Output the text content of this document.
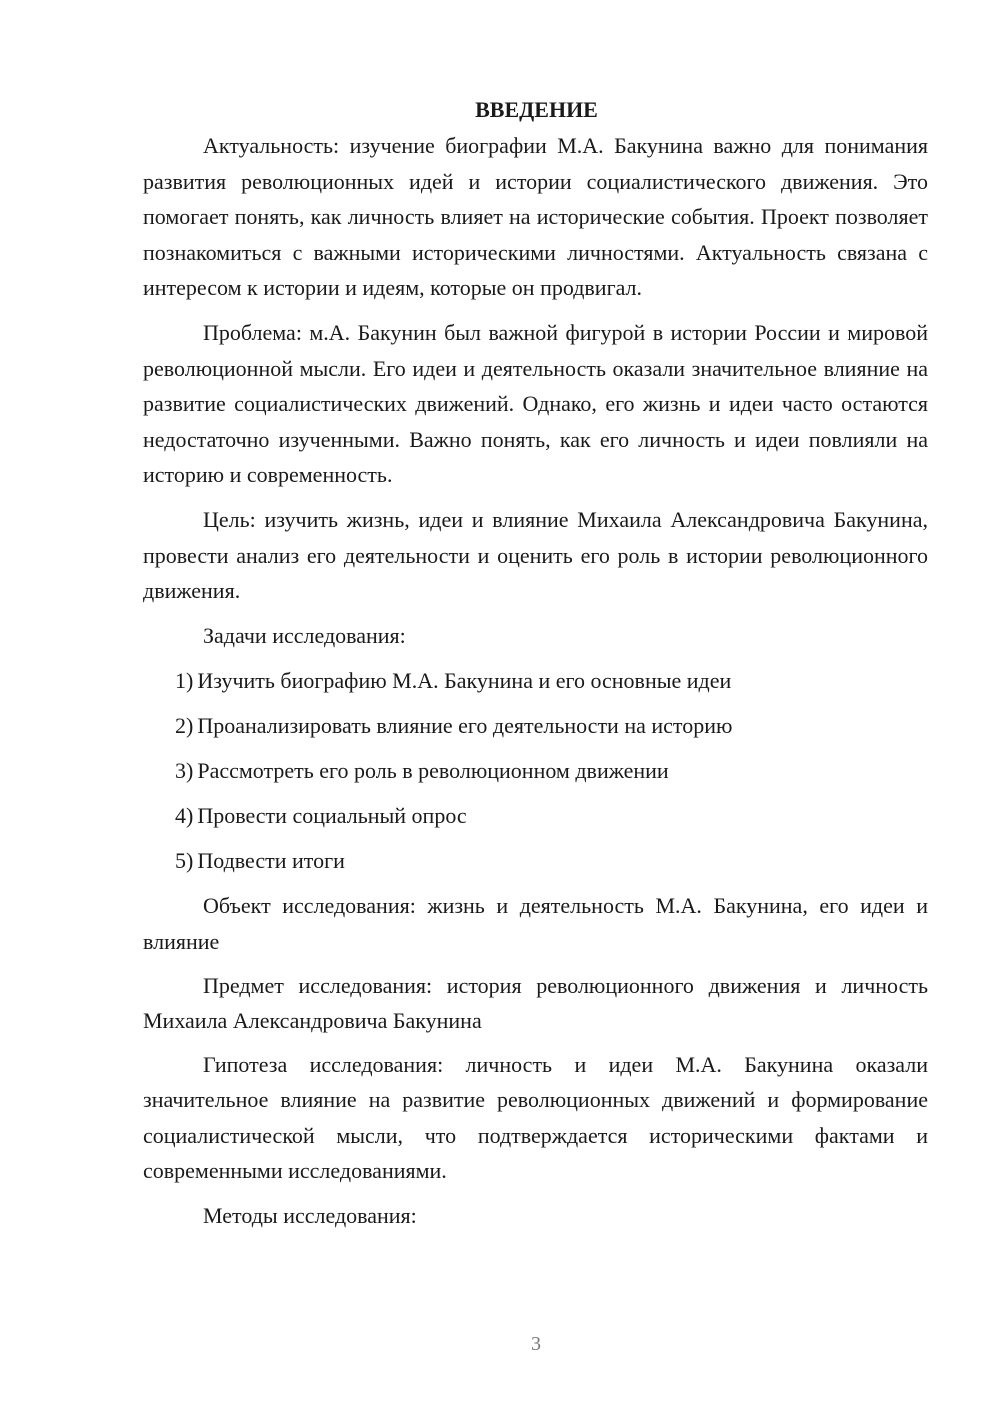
ВВЕДЕНИЕ

Актуальность: изучение биографии М.А. Бакунина важно для понимания развития революционных идей и истории социалистического движения. Это помогает понять, как личность влияет на исторические события. Проект позволяет познакомиться с важными историческими личностями. Актуальность связана с интересом к истории и идеям, которые он продвигал.

Проблема: м.А. Бакунин был важной фигурой в истории России и мировой революционной мысли. Его идеи и деятельность оказали значительное влияние на развитие социалистических движений. Однако, его жизнь и идеи часто остаются недостаточно изученными. Важно понять, как его личность и идеи повлияли на историю и современность.

Цель: изучить жизнь, идеи и влияние Михаила Александровича Бакунина, провести анализ его деятельности и оценить его роль в истории революционного движения.

Задачи исследования:

1) Изучить биографию М.А. Бакунина и его основные идеи
2) Проанализировать влияние его деятельности на историю
3) Рассмотреть его роль в революционном движении
4) Провести социальный опрос
5) Подвести итоги

Объект исследования: жизнь и деятельность М.А. Бакунина, его идеи и влияние

Предмет исследования: история революционного движения и личность Михаила Александровича Бакунина

Гипотеза исследования: личность и идеи М.А. Бакунина оказали значительное влияние на развитие революционных движений и формирование социалистической мысли, что подтверждается историческими фактами и современными исследованиями.

Методы исследования:

3
